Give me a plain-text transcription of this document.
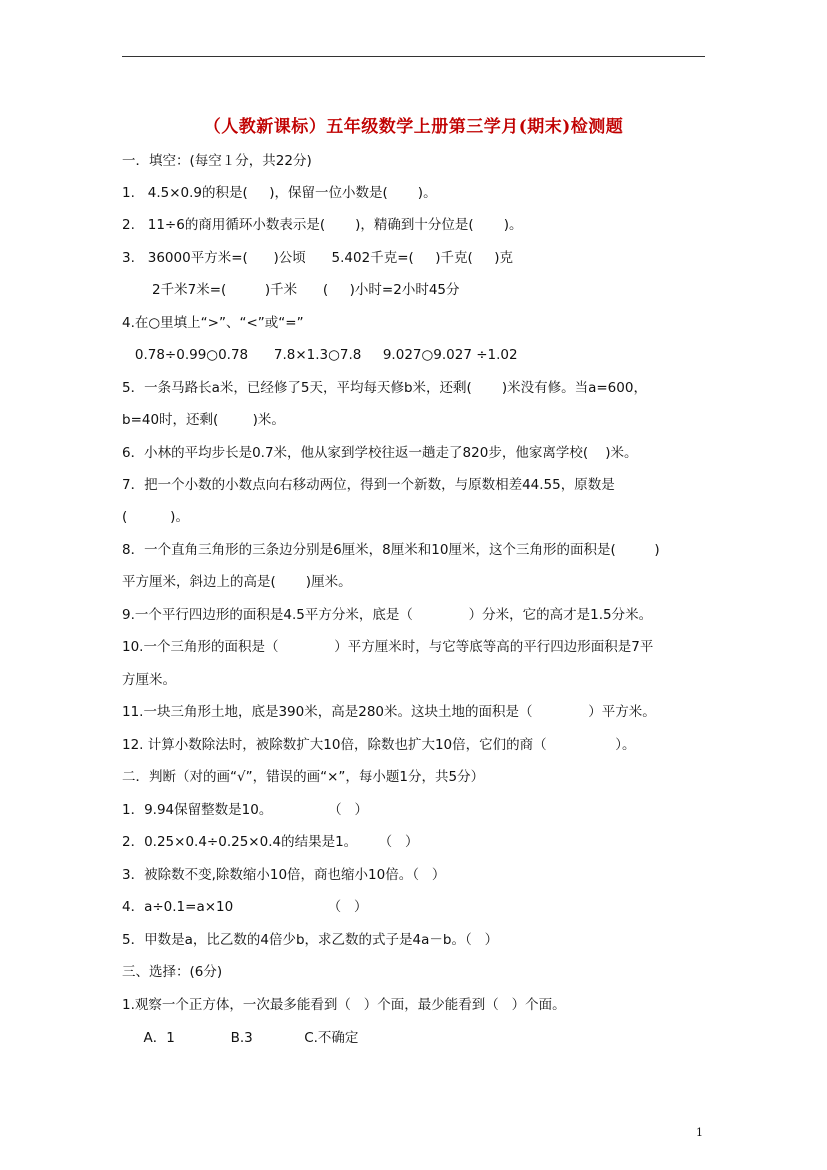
（人教新课标）五年级数学上册第三学月(期末)检测题
一．填空：(每空１分，共22分)
1.   4.5×0.9的积是(     )，保留一位小数是(       )。
2.   11÷6的商用循环小数表示是(       )，精确到十分位是(       )。
3.   36000平方米=(      )公顷      5.402千克=(     )千克(     )克
2千米7米=(         )千米      (     )小时=2小时45分
4.在○里填上“>”、“<”或“=”
0.78÷0.99○0.78      7.8×1.3○7.8     9.027○9.027 ÷1.02
5．一条马路长a米，已经修了5天，平均每天修b米，还剩(       )米没有修。当a=600，
b=40时，还剩(        )米。
6．小林的平均步长是0.7米，他从家到学校往返一趟走了820步，他家离学校(    )米。
7．把一个小数的小数点向右移动两位，得到一个新数，与原数相差44.55，原数是
(          )。
8．一个直角三角形的三条边分别是6厘米，8厘米和10厘米，这个三角形的面积是(         )
平方厘米，斜边上的高是(       )厘米。
9.一个平行四边形的面积是4.5平方分米，底是（             ）分米，它的高才是1.5分米。
10.一个三角形的面积是（             ）平方厘米时，与它等底等高的平行四边形面积是7平
方厘米。
11.一块三角形土地，底是390米，高是280米。这块土地的面积是（             ）平方米。
12. 计算小数除法时，被除数扩大10倍，除数也扩大10倍，它们的商（                ）。
二．判断（对的画“√”，错误的画“×”，每小题1分，共5分）
1．9.94保留整数是10。             （   ）
2．0.25×0.4÷0.25×0.4的结果是1。     （   ）
3．被除数不变,除数缩小10倍，商也缩小10倍。（   ）
4．a÷0.1=a×10                      （   ）
5．甲数是a，比乙数的4倍少b，求乙数的式子是4a－b。（   ）
三、选择：(6分)
1.观察一个正方体，一次最多能看到（   ）个面，最少能看到（   ）个面。
A．1             B.3            C.不确定
1
